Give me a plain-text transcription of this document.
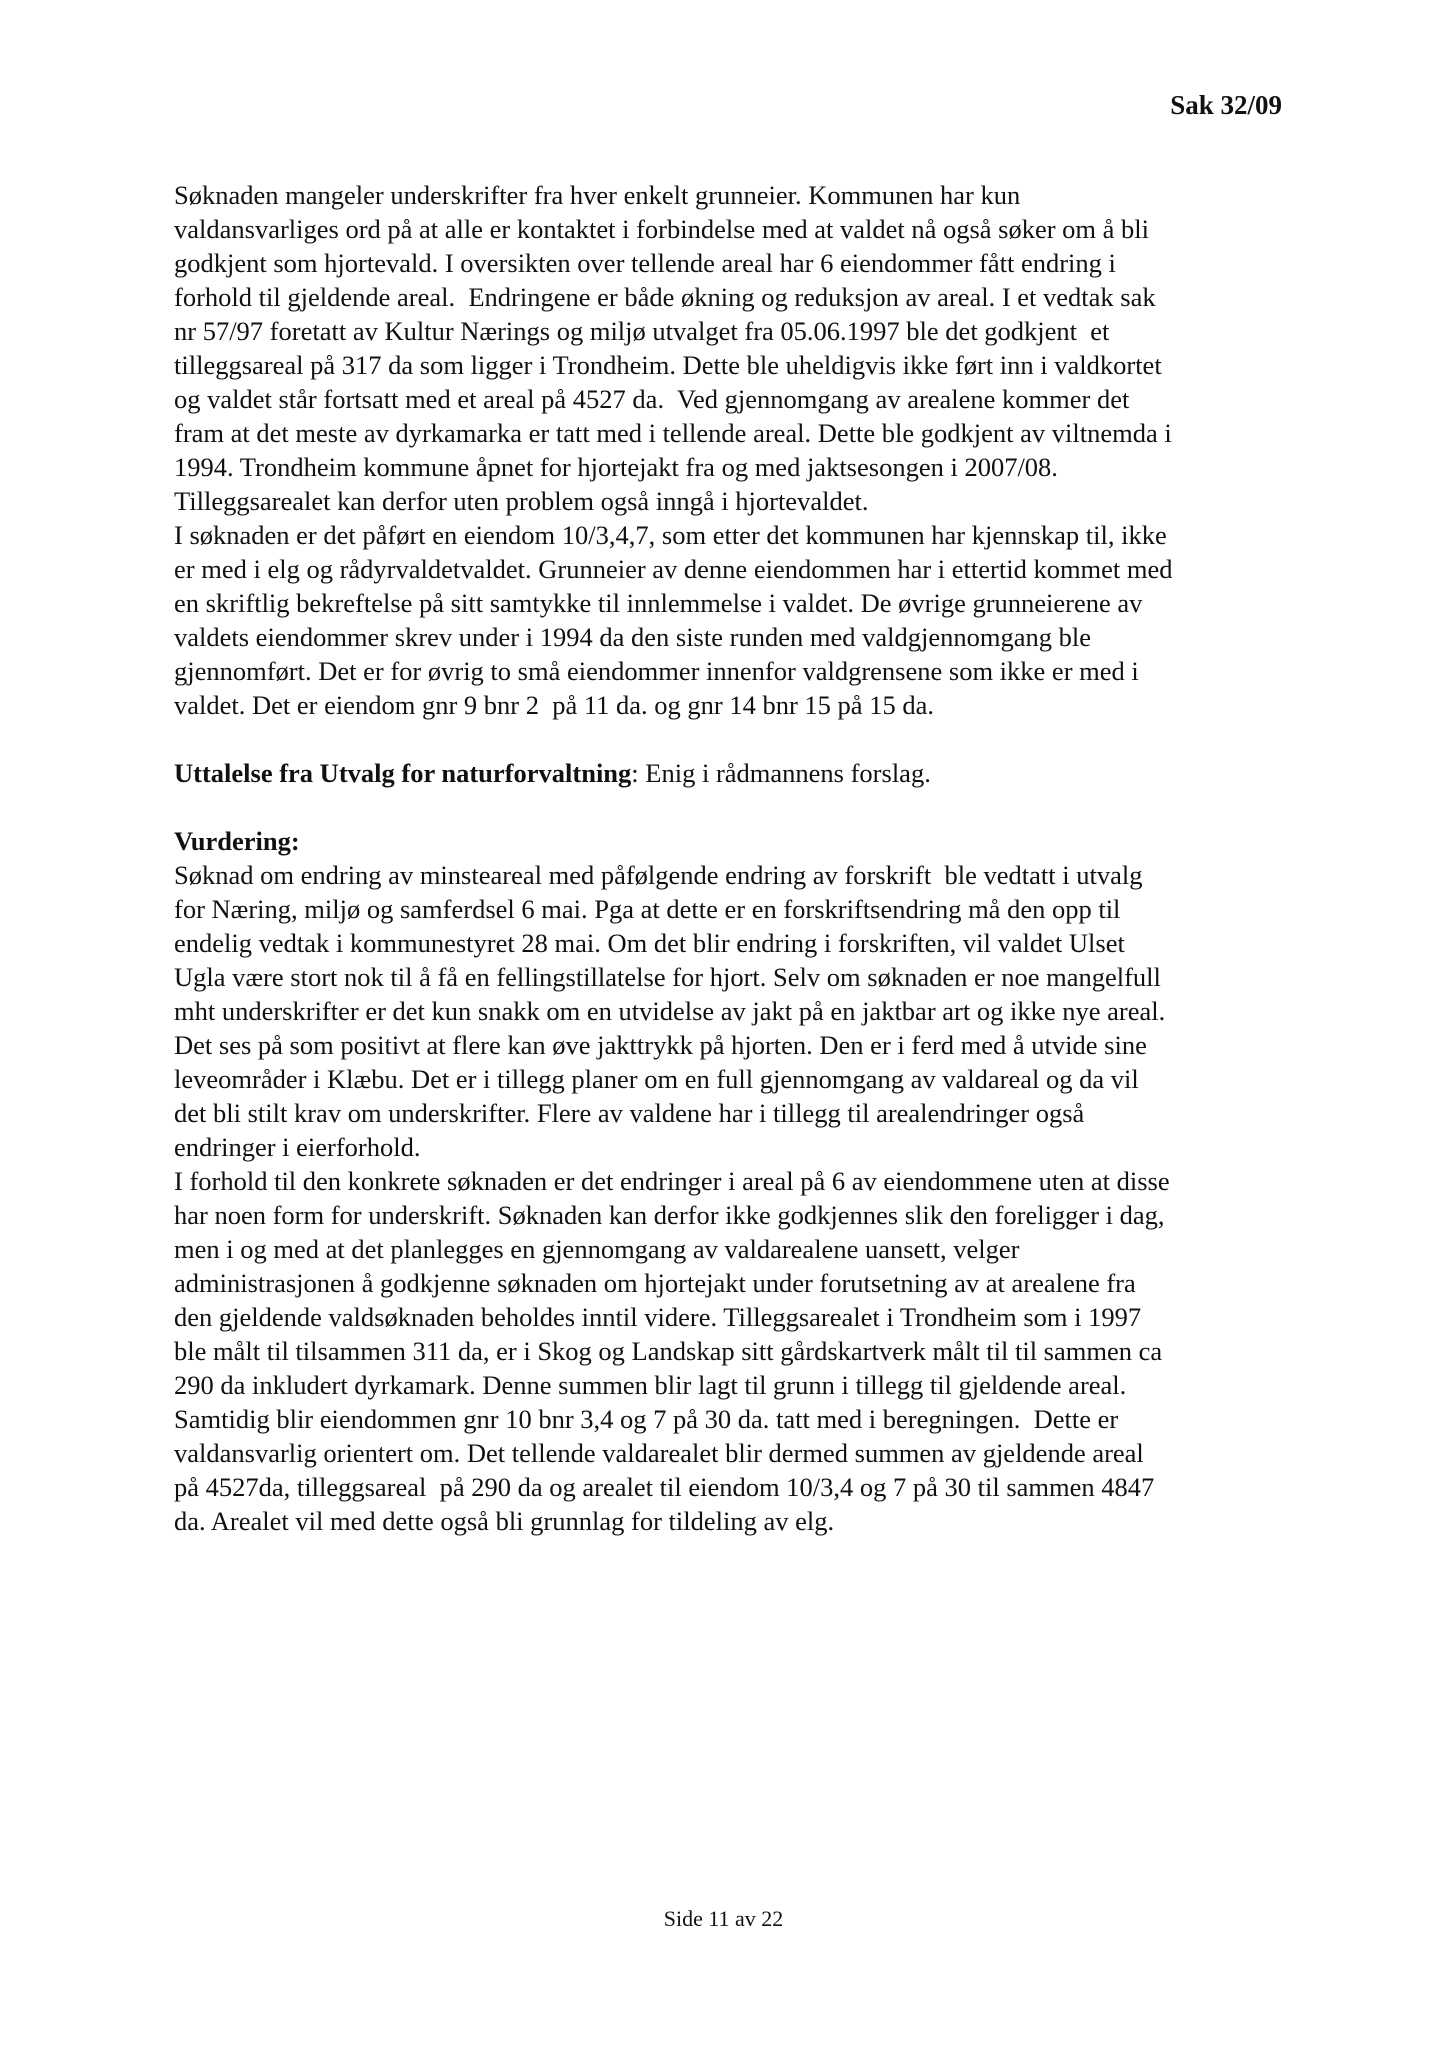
Sak 32/09
Søknaden mangeler underskrifter fra hver enkelt grunneier. Kommunen har kun
valdansvarliges ord på at alle er kontaktet i forbindelse med at valdet nå også søker om å bli
godkjent som hjortevald. I oversikten over tellende areal har 6 eiendommer fått endring i
forhold til gjeldende areal.  Endringene er både økning og reduksjon av areal. I et vedtak sak
nr 57/97 foretatt av Kultur Nærings og miljø utvalget fra 05.06.1997 ble det godkjent  et
tilleggsareal på 317 da som ligger i Trondheim. Dette ble uheldigvis ikke ført inn i valdkortet
og valdet står fortsatt med et areal på 4527 da.  Ved gjennomgang av arealene kommer det
fram at det meste av dyrkamarka er tatt med i tellende areal. Dette ble godkjent av viltnemda i
1994. Trondheim kommune åpnet for hjortejakt fra og med jaktsesongen i 2007/08.
Tilleggsarealet kan derfor uten problem også inngå i hjortevaldet.
I søknaden er det påført en eiendom 10/3,4,7, som etter det kommunen har kjennskap til, ikke
er med i elg og rådyrvaldetvaldet. Grunneier av denne eiendommen har i ettertid kommet med
en skriftlig bekreftelse på sitt samtykke til innlemmelse i valdet. De øvrige grunneierene av
valdets eiendommer skrev under i 1994 da den siste runden med valdgjennomgang ble
gjennomført. Det er for øvrig to små eiendommer innenfor valdgrensene som ikke er med i
valdet. Det er eiendom gnr 9 bnr 2  på 11 da. og gnr 14 bnr 15 på 15 da.
Uttalelse fra Utvalg for naturforvaltning: Enig i rådmannens forslag.
Vurdering:
Søknad om endring av minsteareal med påfølgende endring av forskrift  ble vedtatt i utvalg
for Næring, miljø og samferdsel 6 mai. Pga at dette er en forskriftsendring må den opp til
endelig vedtak i kommunestyret 28 mai. Om det blir endring i forskriften, vil valdet Ulset
Ugla være stort nok til å få en fellingstillatelse for hjort. Selv om søknaden er noe mangelfull
mht underskrifter er det kun snakk om en utvidelse av jakt på en jaktbar art og ikke nye areal.
Det ses på som positivt at flere kan øve jakttrykk på hjorten. Den er i ferd med å utvide sine
leveområder i Klæbu. Det er i tillegg planer om en full gjennomgang av valdareal og da vil
det bli stilt krav om underskrifter. Flere av valdene har i tillegg til arealendringer også
endringer i eierforhold.
I forhold til den konkrete søknaden er det endringer i areal på 6 av eiendommene uten at disse
har noen form for underskrift. Søknaden kan derfor ikke godkjennes slik den foreligger i dag,
men i og med at det planlegges en gjennomgang av valdarealene uansett, velger
administrasjonen å godkjenne søknaden om hjortejakt under forutsetning av at arealene fra
den gjeldende valdsøknaden beholdes inntil videre. Tilleggsarealet i Trondheim som i 1997
ble målt til tilsammen 311 da, er i Skog og Landskap sitt gårdskartverk målt til til sammen ca
290 da inkludert dyrkamark. Denne summen blir lagt til grunn i tillegg til gjeldende areal.
Samtidig blir eiendommen gnr 10 bnr 3,4 og 7 på 30 da. tatt med i beregningen.  Dette er
valdansvarlig orientert om. Det tellende valdarealet blir dermed summen av gjeldende areal
på 4527da, tilleggsareal  på 290 da og arealet til eiendom 10/3,4 og 7 på 30 til sammen 4847
da. Arealet vil med dette også bli grunnlag for tildeling av elg.
Side 11 av 22
